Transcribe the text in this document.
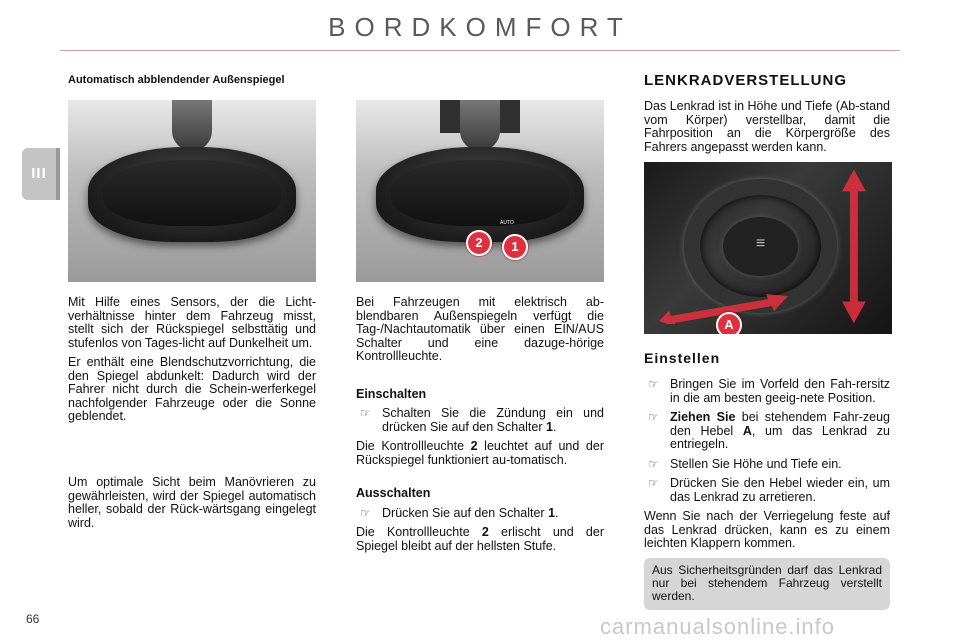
BORDKOMFORT
III
Automatisch abblendender Außenspiegel

Mit Hilfe eines Sensors, der die Licht-verhältnisse hinter dem Fahrzeug misst, stellt sich der Rückspiegel selbsttätig und stufenlos von Tages-licht auf Dunkelheit um.

Er enthält eine Blendschutzvorrichtung, die den Spiegel abdunkelt: Dadurch wird der Fahrer nicht durch die Schein-werferkegel nachfolgender Fahrzeuge oder die Sonne geblendet.

Um optimale Sicht beim Manövrieren zu gewährleisten, wird der Spiegel automatisch heller, sobald der Rück-wärtsgang eingelegt wird.

AUTO
2	1

Bei Fahrzeugen mit elektrisch ab-blendbaren Außenspiegeln verfügt die Tag-/Nachtautomatik über einen EIN/AUS Schalter und eine dazuge-hörige Kontrollleuchte.

Einschalten
☞ Schalten Sie die Zündung ein und drücken Sie auf den Schalter 1.

Die Kontrollleuchte 2 leuchtet auf und der Rückspiegel funktioniert au-tomatisch.

Ausschalten
☞ Drücken Sie auf den Schalter 1.

Die Kontrollleuchte 2 erlischt und der Spiegel bleibt auf der hellsten Stufe.

LENKRADVERSTELLUNG

Das Lenkrad ist in Höhe und Tiefe (Ab-stand vom Körper) verstellbar, damit die Fahrposition an die Körpergröße des Fahrers angepasst werden kann.

≡
A
Einstellen
☞ Bringen Sie im Vorfeld den Fah-rersitz in die am besten geeig-nete Position.
☞ Ziehen Sie bei stehendem Fahr-zeug den Hebel A, um das Lenkrad zu entriegeln.
☞ Stellen Sie Höhe und Tiefe ein.
☞ Drücken Sie den Hebel wieder ein, um das Lenkrad zu arretieren.

Wenn Sie nach der Verriegelung feste auf das Lenkrad drücken, kann es zu einem leichten Klappern kommen.

Aus Sicherheitsgründen darf das Lenkrad nur bei stehendem Fahrzeug verstellt werden.
66	carmanualsonline.info
